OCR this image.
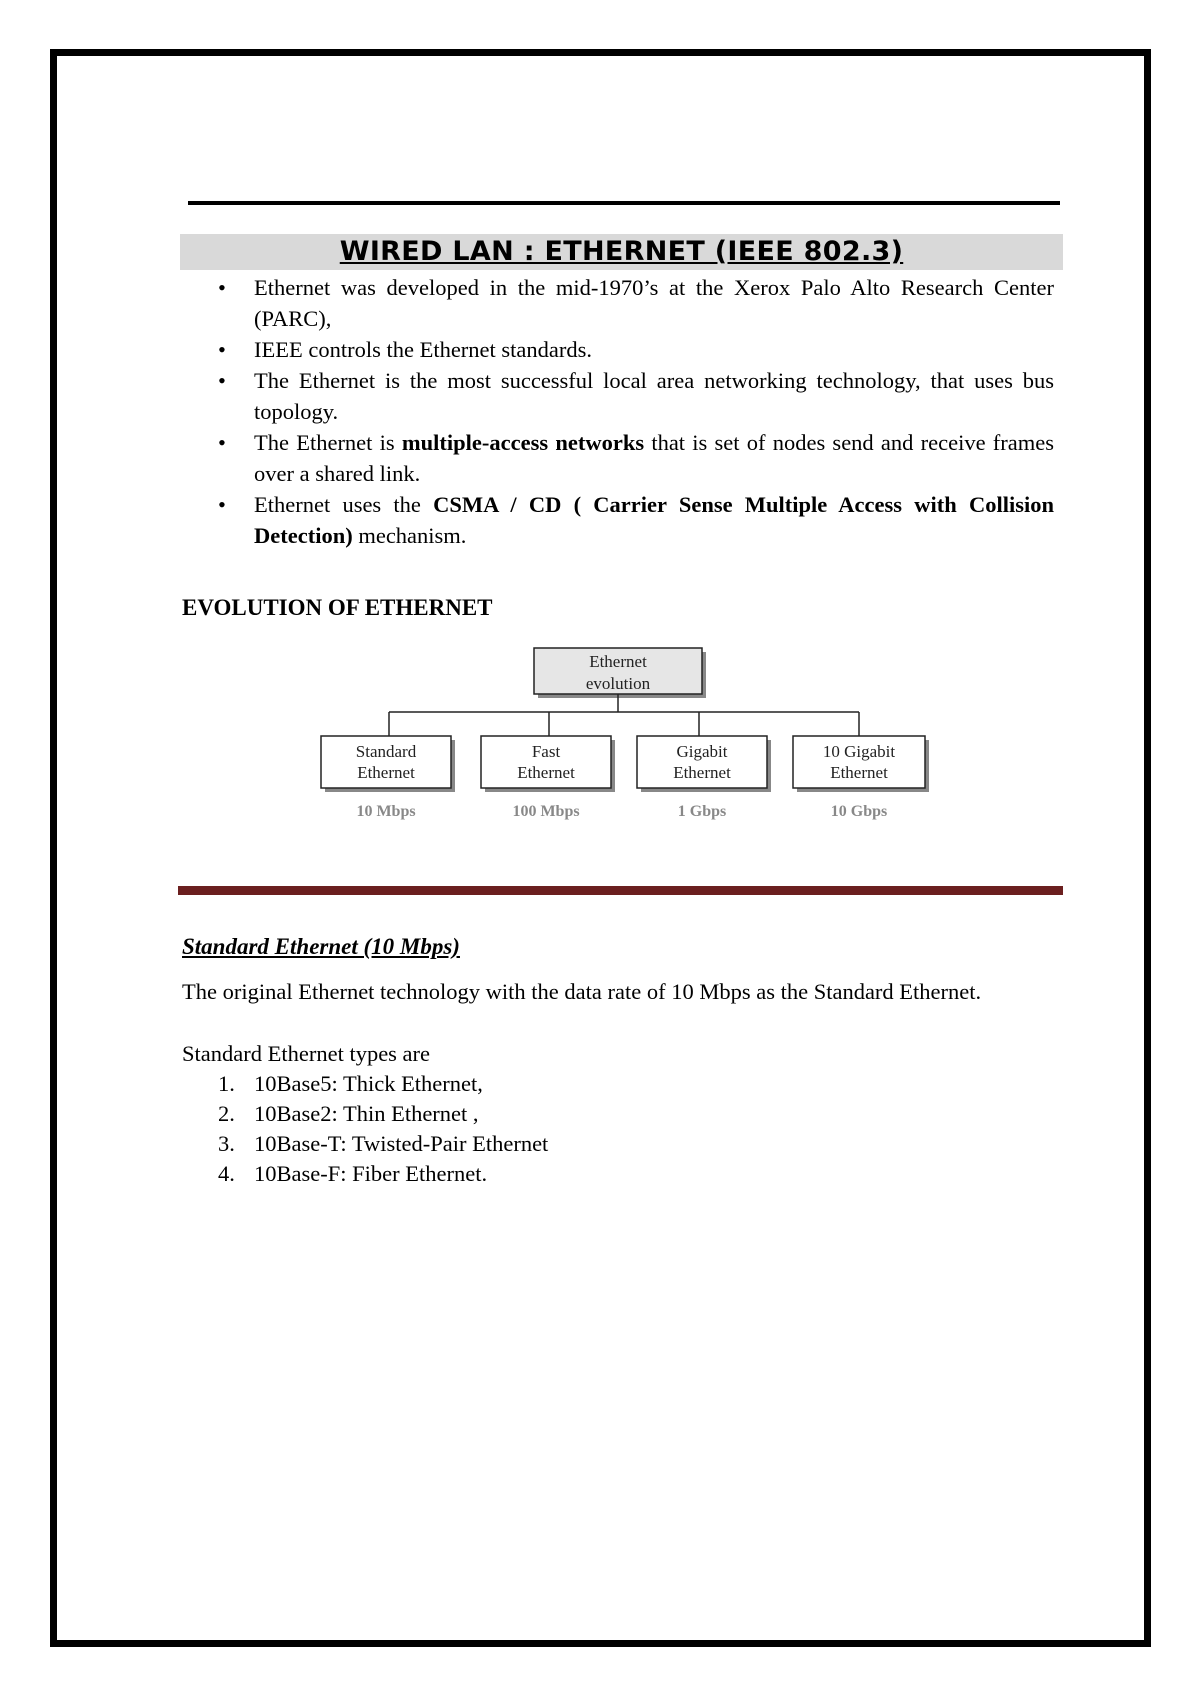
WIRED LAN : ETHERNET (IEEE 802.3)
• Ethernet was developed in the mid-1970’s at the Xerox Palo Alto Research Center (PARC),
• IEEE controls the Ethernet standards.
• The Ethernet is the most successful local area networking technology, that uses bus topology.
• The Ethernet is multiple-access networks that is set of nodes send and receive frames over a shared link.
• Ethernet uses the CSMA / CD ( Carrier Sense Multiple Access with Collision Detection) mechanism.
EVOLUTION OF ETHERNET
Ethernet
evolution
Standard
Ethernet
10 Mbps
Fast
Ethernet
100 Mbps
Gigabit
Ethernet
1 Gbps
10 Gigabit
Ethernet
10 Gbps
Standard Ethernet (10 Mbps)
The original Ethernet technology with the data rate of 10 Mbps as the Standard Ethernet.
Standard Ethernet types are
1. 10Base5: Thick Ethernet,
2. 10Base2: Thin Ethernet ,
3. 10Base-T: Twisted-Pair Ethernet
4. 10Base-F: Fiber Ethernet.
